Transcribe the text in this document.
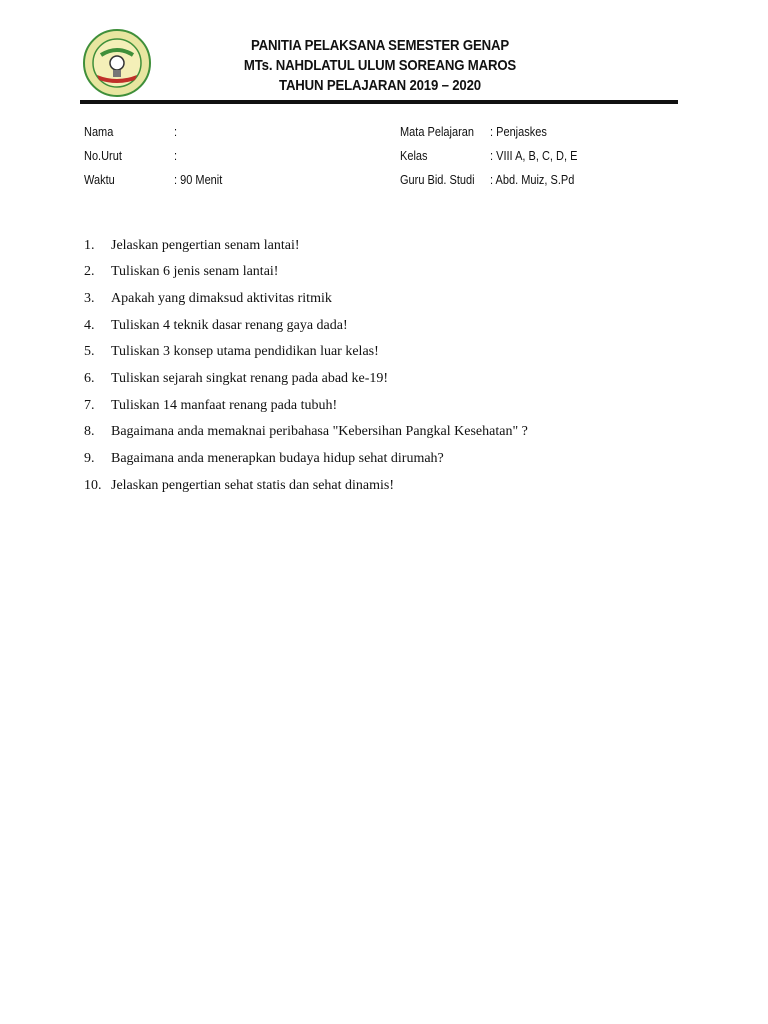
PANITIA PELAKSANA SEMESTER GENAP
MTs. NAHDLATUL ULUM SOREANG MAROS
TAHUN PELAJARAN 2019 – 2020
Nama	:
No.Urut	:
Waktu	: 90 Menit
Mata Pelajaran : Penjaskes
Kelas	: VIII A, B, C, D, E
Guru Bid. Studi : Abd. Muiz, S.Pd
1. Jelaskan pengertian senam lantai!
2. Tuliskan 6 jenis senam lantai!
3. Apakah yang dimaksud aktivitas ritmik
4. Tuliskan 4 teknik dasar renang gaya dada!
5. Tuliskan 3 konsep utama pendidikan luar kelas!
6. Tuliskan sejarah singkat renang pada abad ke-19!
7. Tuliskan 14 manfaat renang pada tubuh!
8. Bagaimana anda memaknai peribahasa "Kebersihan Pangkal Kesehatan" ?
9. Bagaimana anda menerapkan budaya hidup sehat dirumah?
10. Jelaskan pengertian sehat statis dan sehat dinamis!
